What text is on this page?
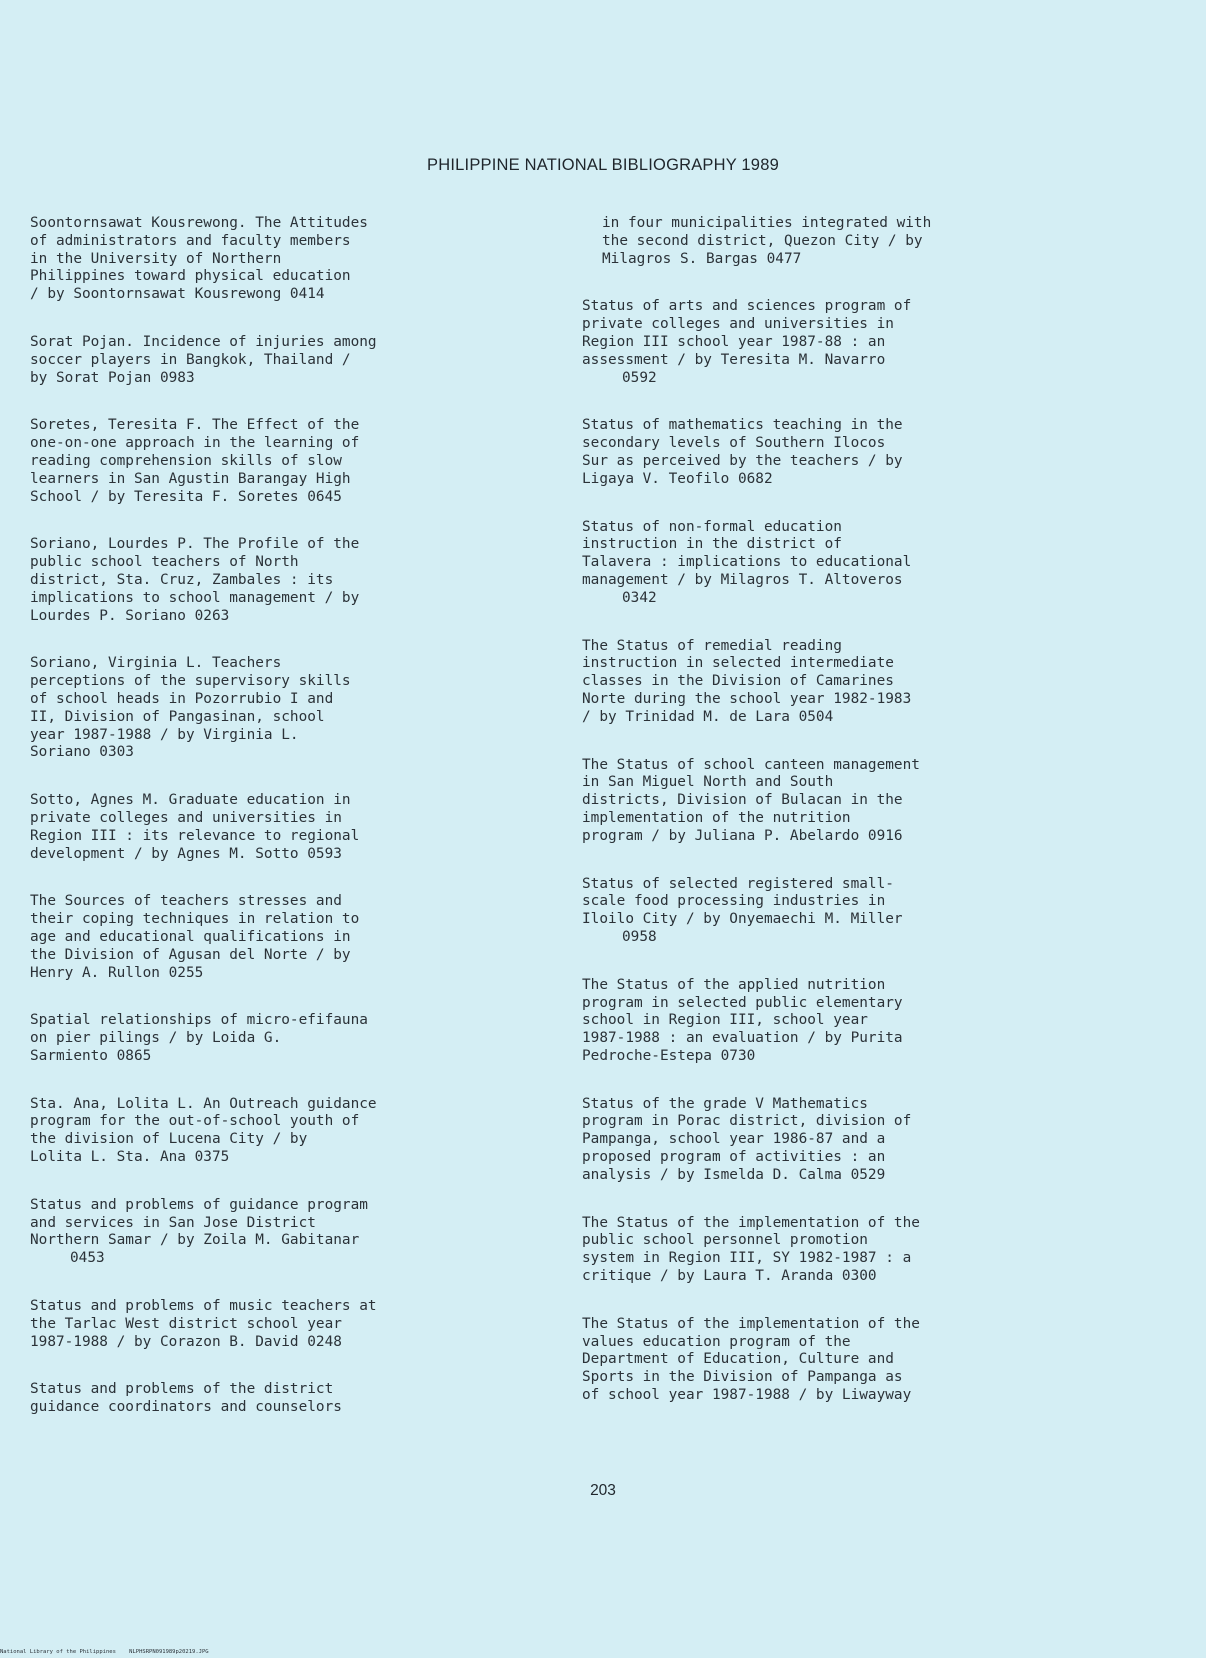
PHILIPPINE NATIONAL BIBLIOGRAPHY 1989
Soontornsawat Kousrewong. The Attitudes
of administrators and faculty members
in the University of Northern
Philippines toward physical education
/ by Soontornsawat Kousrewong 0414
Sorat Pojan. Incidence of injuries among
soccer players in Bangkok, Thailand /
by Sorat Pojan 0983
Soretes, Teresita F. The Effect of the
one-on-one approach in the learning of
reading comprehension skills of slow
learners in San Agustin Barangay High
School / by Teresita F. Soretes 0645
Soriano, Lourdes P. The Profile of the
public school teachers of North
district, Sta. Cruz, Zambales : its
implications to school management / by
Lourdes P. Soriano 0263
Soriano, Virginia L. Teachers
perceptions of the supervisory skills
of school heads in Pozorrubio I and
II, Division of Pangasinan, school
year 1987-1988 / by Virginia L.
Soriano 0303
Sotto, Agnes M. Graduate education in
private colleges and universities in
Region III : its relevance to regional
development / by Agnes M. Sotto 0593
The Sources of teachers stresses and
their coping techniques in relation to
age and educational qualifications in
the Division of Agusan del Norte / by
Henry A. Rullon 0255
Spatial relationships of micro-efifauna
on pier pilings / by Loida G.
Sarmiento 0865
Sta. Ana, Lolita L. An Outreach guidance
program for the out-of-school youth of
the division of Lucena City / by
Lolita L. Sta. Ana 0375
Status and problems of guidance program
and services in San Jose District
Northern Samar / by Zoila M. Gabitanar
0453
Status and problems of music teachers at
the Tarlac West district school year
1987-1988 / by Corazon B. David 0248
Status and problems of the district
guidance coordinators and counselors
in four municipalities integrated with
the second district, Quezon City / by
Milagros S. Bargas 0477
Status of arts and sciences program of
private colleges and universities in
Region III school year 1987-88 : an
assessment / by Teresita M. Navarro
0592
Status of mathematics teaching in the
secondary levels of Southern Ilocos
Sur as perceived by the teachers / by
Ligaya V. Teofilo 0682
Status of non-formal education
instruction in the district of
Talavera : implications to educational
management / by Milagros T. Altoveros
0342
The Status of remedial reading
instruction in selected intermediate
classes in the Division of Camarines
Norte during the school year 1982-1983
/ by Trinidad M. de Lara 0504
The Status of school canteen management
in San Miguel North and South
districts, Division of Bulacan in the
implementation of the nutrition
program / by Juliana P. Abelardo 0916
Status of selected registered small-
scale food processing industries in
Iloilo City / by Onyemaechi M. Miller
0958
The Status of the applied nutrition
program in selected public elementary
school in Region III, school year
1987-1988 : an evaluation / by Purita
Pedroche-Estepa 0730
Status of the grade V Mathematics
program in Porac district, division of
Pampanga, school year 1986-87 and a
proposed program of activities : an
analysis / by Ismelda D. Calma 0529
The Status of the implementation of the
public school personnel promotion
system in Region III, SY 1982-1987 : a
critique / by Laura T. Aranda 0300
The Status of the implementation of the
values education program of the
Department of Education, Culture and
Sports in the Division of Pampanga as
of school year 1987-1988 / by Liwayway
203
National Library of the Philippines    NLPHSRPN091989p20219.JPG
